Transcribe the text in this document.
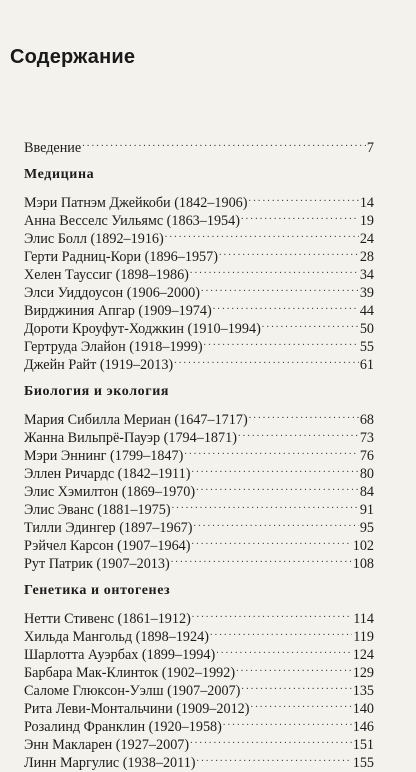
Содержание
Введение .....	7
Медицина
Мэри Патнэм Джейкоби (1842–1906) .....	14
Анна Весселс Уильямс (1863–1954) .....	19
Элис Болл (1892–1916) .....	24
Герти Радниц-Кори (1896–1957) .....	28
Хелен Тауссиг (1898–1986) .....	34
Элси Уиддоусон (1906–2000) .....	39
Вирджиния Апгар (1909–1974) .....	44
Дороти Кроуфут-Ходжкин (1910–1994) .....	50
Гертруда Элайон (1918–1999) .....	55
Джейн Райт (1919–2013) .....	61
Биология и экология
Мария Сибилла Мериан (1647–1717) .....	68
Жанна Вильпрё-Пауэр (1794–1871) .....	73
Мэри Эннинг (1799–1847) .....	76
Эллен Ричардс (1842–1911) .....	80
Элис Хэмилтон (1869–1970) .....	84
Элис Эванс (1881–1975) .....	91
Тилли Эдингер (1897–1967) .....	95
Рэйчел Карсон (1907–1964) .....	102
Рут Патрик (1907–2013) .....	108
Генетика и онтогенез
Нетти Стивенс (1861–1912) .....	114
Хильда Мангольд (1898–1924) .....	119
Шарлотта Ауэрбах (1899–1994) .....	124
Барбара Мак-Клинток (1902–1992) .....	129
Саломе Глюксон-Уэлш (1907–2007) .....	135
Рита Леви-Монтальчини (1909–2012) .....	140
Розалинд Франклин (1920–1958) .....	146
Энн Макларен (1927–2007) .....	151
Линн Маргулис (1938–2011) .....	155
